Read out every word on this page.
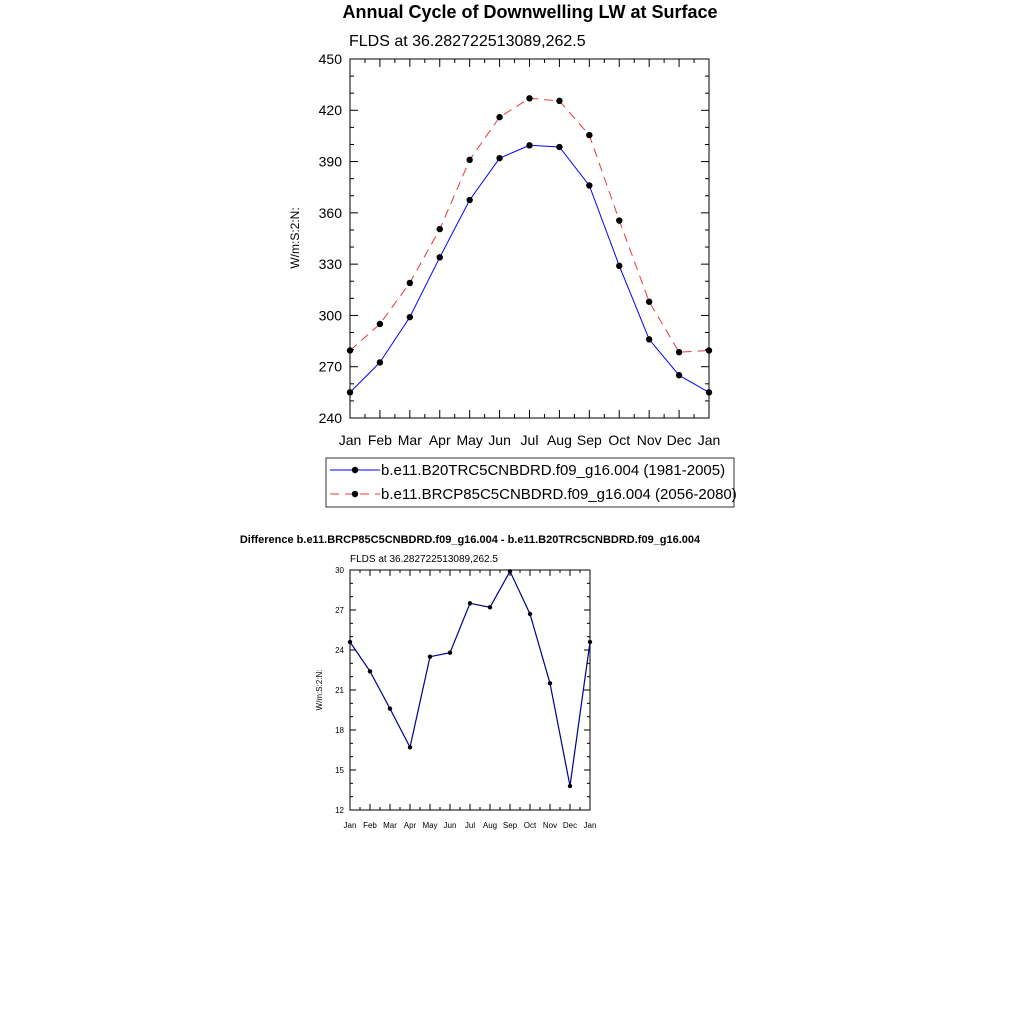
Annual Cycle of Downwelling LW at Surface
FLDS at 36.282722513089,262.5
W/m:S:2:N:
240
270
300
330
360
390
420
450
Jan Feb Mar Apr May Jun Jul Aug Sep Oct Nov Dec Jan
b.e11.B20TRC5CNBDRD.f09_g16.004 (1981-2005)
b.e11.BRCP85C5CNBDRD.f09_g16.004 (2056-2080)
Difference b.e11.BRCP85C5CNBDRD.f09_g16.004 - b.e11.B20TRC5CNBDRD.f09_g16.004
FLDS at 36.282722513089,262.5
W/m:S:2:N:
12
15
18
21
24
27
30
Jan Feb Mar Apr May Jun Jul Aug Sep Oct Nov Dec Jan
